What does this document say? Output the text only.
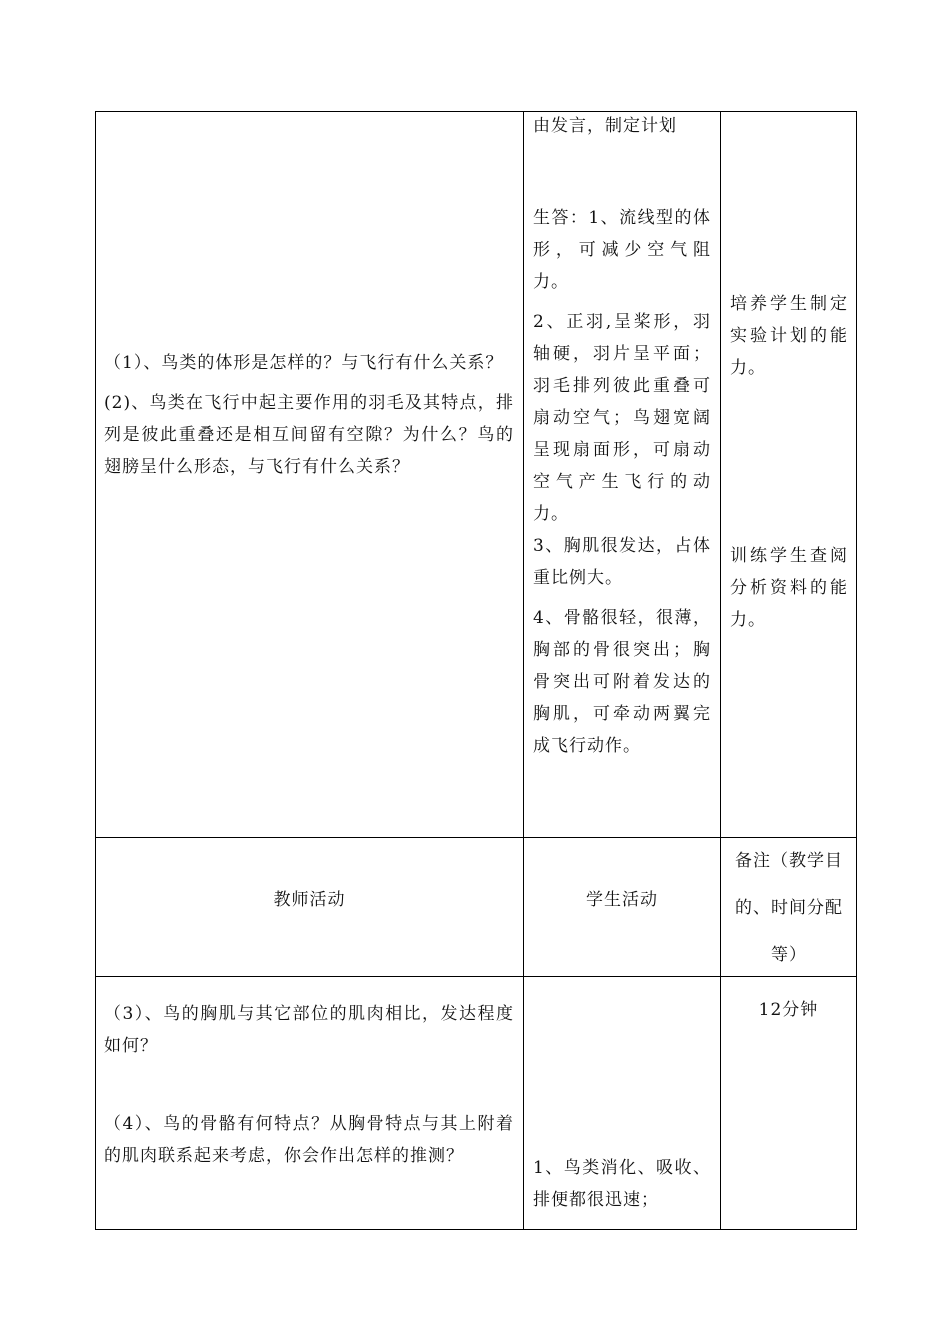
（1）、鸟类的体形是怎样的？与飞行有什么关系？

(2)、鸟类在飞行中起主要作用的羽毛及其特点，排列是彼此重叠还是相互间留有空隙？为什么？鸟的翅膀呈什么形态，与飞行有什么关系？

由发言，制定计划

生答：1、流线型的体形，可减少空气阻力。

2、正羽,呈桨形，羽轴硬，羽片呈平面；羽毛排列彼此重叠可扇动空气；鸟翅宽阔呈现扇面形，可扇动空气产生飞行的动力。

3、胸肌很发达，占体重比例大。

4、骨骼很轻，很薄，胸部的骨很突出；胸骨突出可附着发达的胸肌，可牵动两翼完成飞行动作。

培养学生制定实验计划的能力。

训练学生查阅分析资料的能力。

教师活动	学生活动
备注（教学目的、时间分配等）

（3）、鸟的胸肌与其它部位的肌肉相比，发达程度如何？

（4）、鸟的骨骼有何特点？从胸骨特点与其上附着的肌肉联系起来考虑，你会作出怎样的推测？

1、鸟类消化、吸收、排便都很迅速；

12分钟
